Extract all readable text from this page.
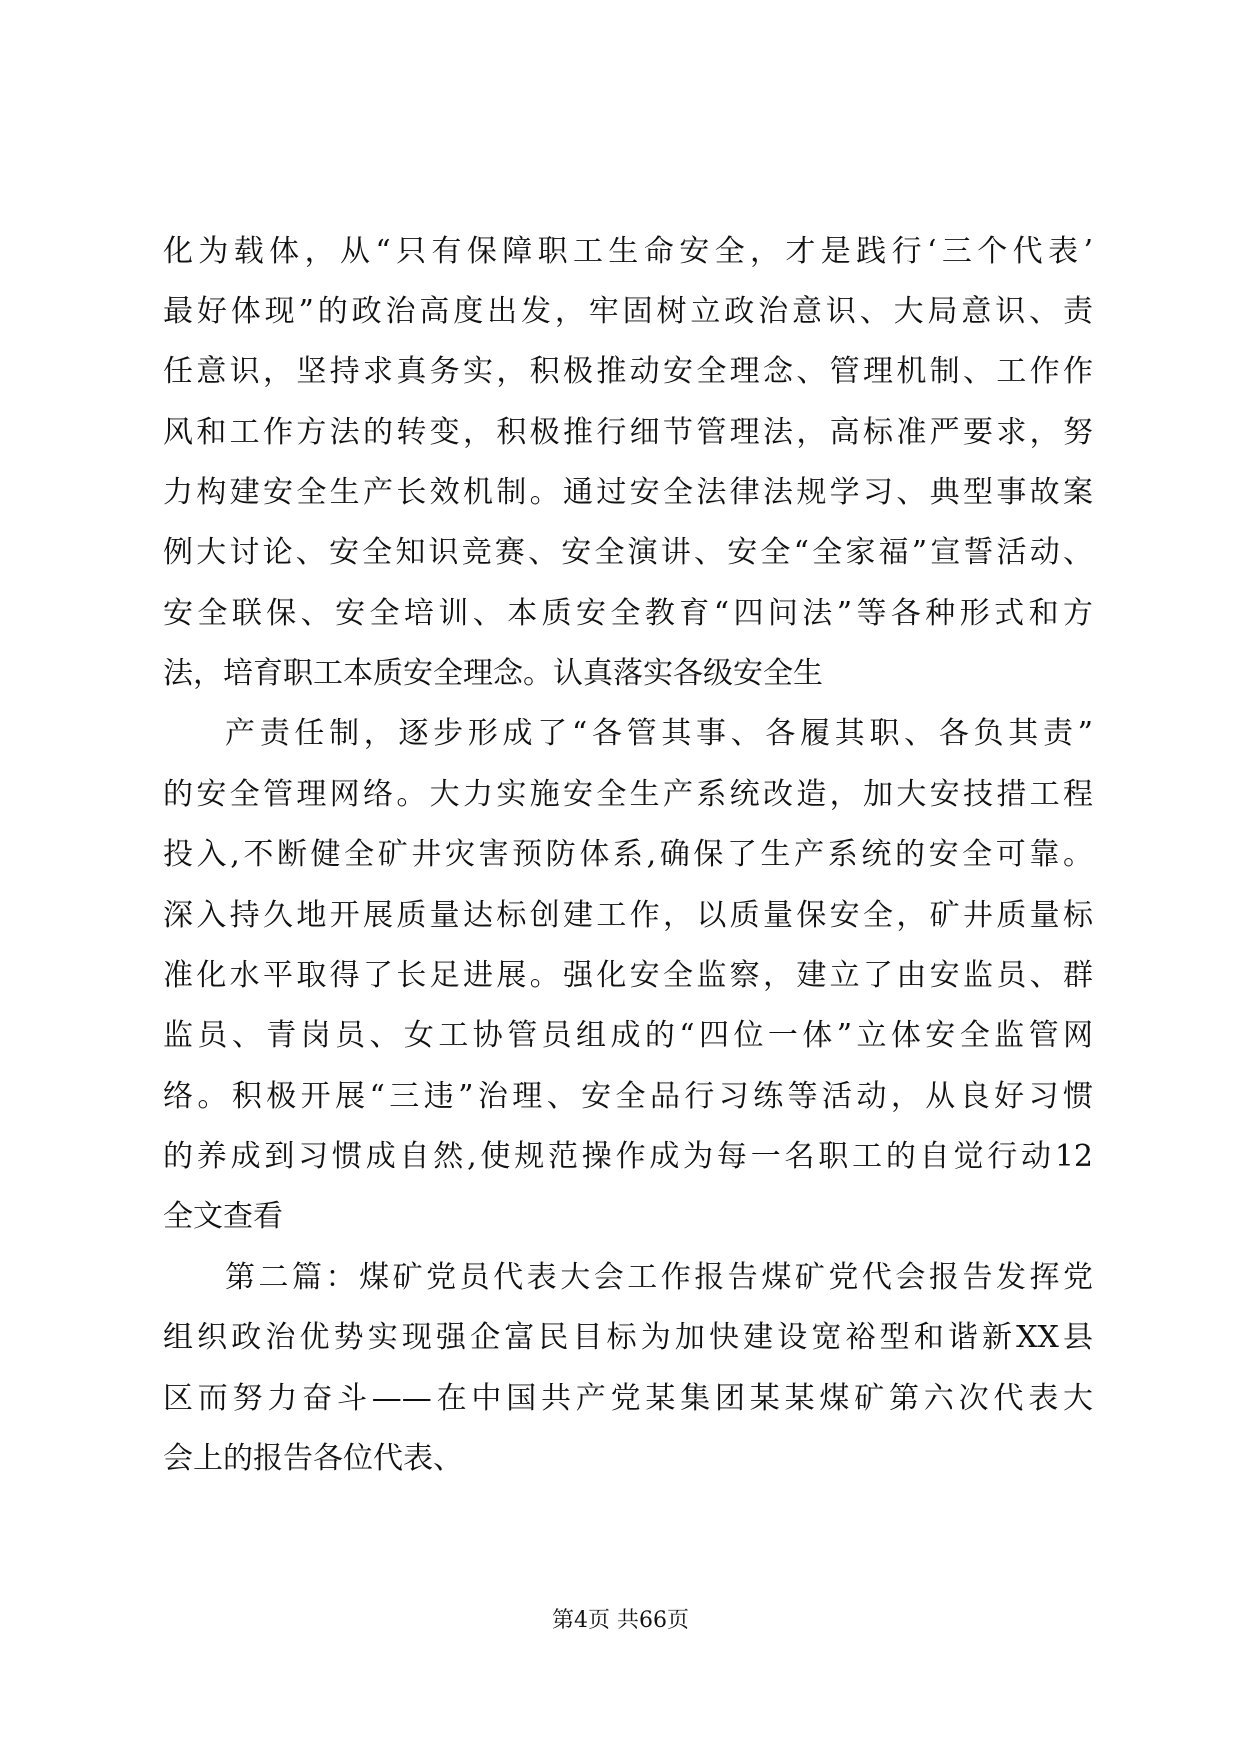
化为载体，从“只有保障职工生命安全，才是践行‘三个代表’
最好体现”的政治高度出发，牢固树立政治意识、大局意识、责
任意识，坚持求真务实，积极推动安全理念、管理机制、工作作
风和工作方法的转变，积极推行细节管理法，高标准严要求，努
力构建安全生产长效机制。通过安全法律法规学习、典型事故案
例大讨论、安全知识竞赛、安全演讲、安全“全家福”宣誓活动、
安全联保、安全培训、本质安全教育“四问法”等各种形式和方
法，培育职工本质安全理念。认真落实各级安全生
产责任制，逐步形成了“各管其事、各履其职、各负其责”
的安全管理网络。大力实施安全生产系统改造，加大安技措工程
投入,不断健全矿井灾害预防体系,确保了生产系统的安全可靠。
深入持久地开展质量达标创建工作，以质量保安全，矿井质量标
准化水平取得了长足进展。强化安全监察，建立了由安监员、群
监员、青岗员、女工协管员组成的“四位一体”立体安全监管网
络。积极开展“三违”治理、安全品行习练等活动，从良好习惯
的养成到习惯成自然,使规范操作成为每一名职工的自觉行动12
全文查看
第二篇：煤矿党员代表大会工作报告煤矿党代会报告发挥党
组织政治优势实现强企富民目标为加快建设宽裕型和谐新XX县
区而努力奋斗——在中国共产党某集团某某煤矿第六次代表大
会上的报告各位代表、
第4页 共66页
